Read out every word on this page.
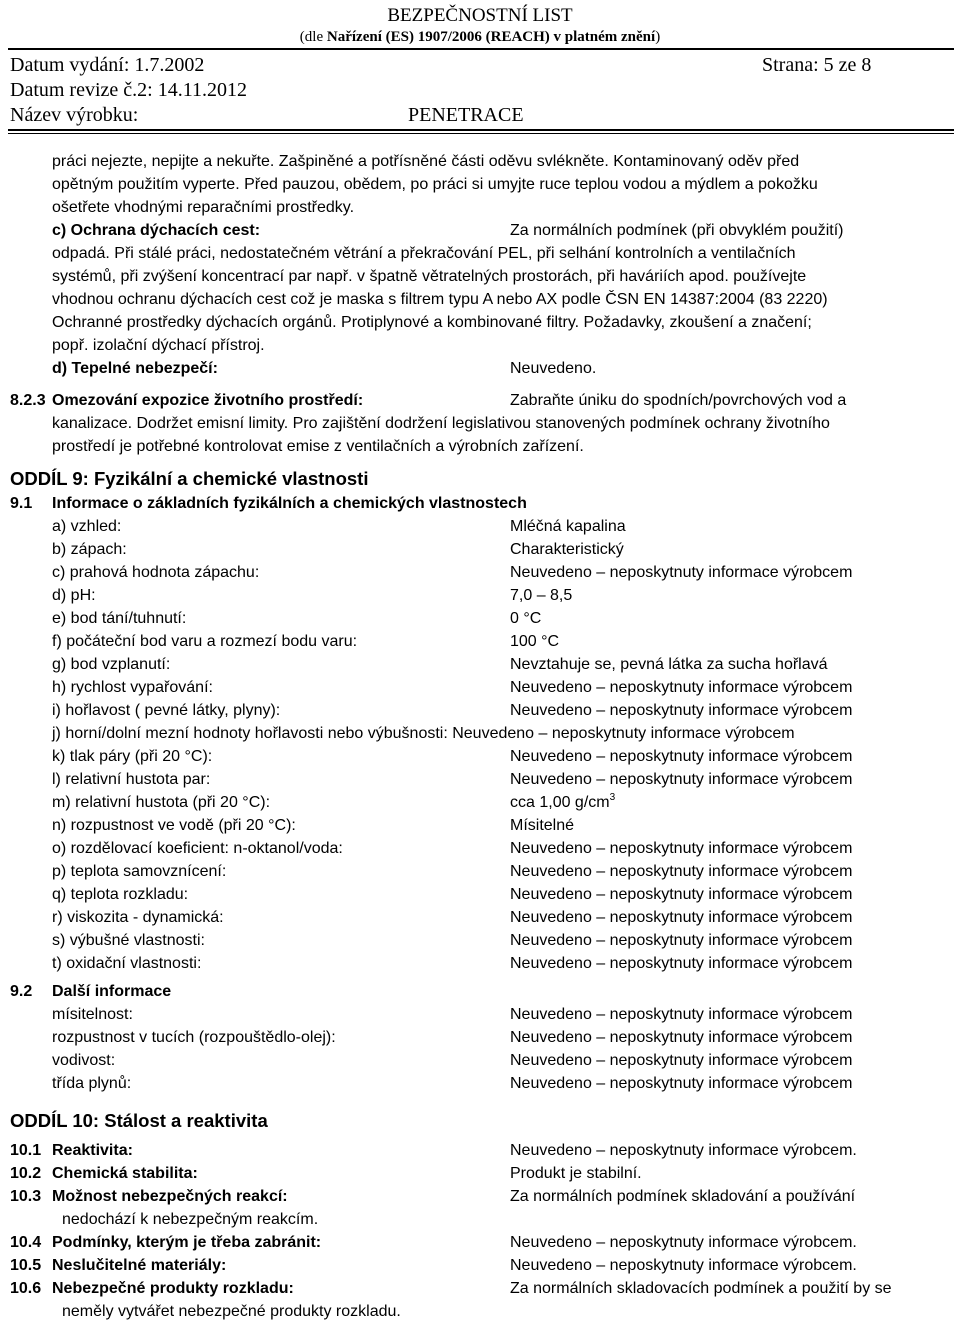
BEZPEČNOSTNÍ LIST
(dle Nařízení (ES) 1907/2006 (REACH) v platném znění)
Datum vydání: 1.7.2002	Strana: 5 ze 8
Datum revize č.2: 14.11.2012
Název výrobku:	PENETRACE
práci nejezte, nepijte a nekuřte. Zašpiněné a potřísněné části oděvu svlékněte. Kontaminovaný oděv před
opětným použitím vyperte. Před pauzou, obědem, po práci si umyjte ruce teplou vodou a mýdlem a pokožku
ošetřete vhodnými reparačními prostředky.
c) Ochrana dýchacích cest:	Za normálních podmínek (při obvyklém použití)
odpadá. Při stálé práci, nedostatečném větrání a překračování PEL, při selhání kontrolních a ventilačních
systémů, při zvýšení koncentrací par např. v špatně větratelných prostorách, při haváriích apod. používejte
vhodnou ochranu dýchacích cest což je maska s filtrem typu A nebo AX podle ČSN EN 14387:2004 (83 2220)
Ochranné prostředky dýchacích orgánů. Protiplynové a kombinované filtry. Požadavky, zkoušení a značení;
popř. izolační dýchací přístroj.
d) Tepelné nebezpečí:	Neuvedeno.
8.2.3 Omezování expozice životního prostředí:	Zabraňte úniku do spodních/povrchových vod a
kanalizace. Dodržet emisní limity. Pro zajištění dodržení legislativou stanovených podmínek ochrany životního
prostředí je potřebné kontrolovat emise z ventilačních a výrobních zařízení.
ODDÍL 9: Fyzikální a chemické vlastnosti
9.1 Informace o základních fyzikálních a chemických vlastnostech
a) vzhled:	Mléčná kapalina
b) zápach:	Charakteristický
c) prahová hodnota zápachu:	Neuvedeno – neposkytnuty informace výrobcem
d) pH:	7,0 – 8,5
e) bod tání/tuhnutí:	0 °C
f) počáteční bod varu a rozmezí bodu varu:	100 °C
g) bod vzplanutí:	Nevztahuje se, pevná látka za sucha hořlavá
h) rychlost vypařování:	Neuvedeno – neposkytnuty informace výrobcem
i) hořlavost ( pevné látky, plyny):	Neuvedeno – neposkytnuty informace výrobcem
j) horní/dolní mezní hodnoty hořlavosti nebo výbušnosti: Neuvedeno – neposkytnuty informace výrobcem
k) tlak páry (při 20 °C):	Neuvedeno – neposkytnuty informace výrobcem
l) relativní hustota par:	Neuvedeno – neposkytnuty informace výrobcem
m) relativní hustota (při 20 °C):	cca 1,00 $g/cm^3$
n) rozpustnost ve vodě (při 20 °C):	Mísitelné
o) rozdělovací koeficient: n-oktanol/voda:	Neuvedeno – neposkytnuty informace výrobcem
p) teplota samovznícení:	Neuvedeno – neposkytnuty informace výrobcem
q) teplota rozkladu:	Neuvedeno – neposkytnuty informace výrobcem
r) viskozita - dynamická:	Neuvedeno – neposkytnuty informace výrobcem
s) výbušné vlastnosti:	Neuvedeno – neposkytnuty informace výrobcem
t) oxidační vlastnosti:	Neuvedeno – neposkytnuty informace výrobcem
9.2 Další informace
mísitelnost:	Neuvedeno – neposkytnuty informace výrobcem
rozpustnost v tucích (rozpouštědlo-olej):	Neuvedeno – neposkytnuty informace výrobcem
vodivost:	Neuvedeno – neposkytnuty informace výrobcem
třída plynů:	Neuvedeno – neposkytnuty informace výrobcem
ODDÍL 10: Stálost a reaktivita
10.1 Reaktivita:	Neuvedeno – neposkytnuty informace výrobcem.
10.2 Chemická stabilita:	Produkt je stabilní.
10.3 Možnost nebezpečných reakcí:	Za normálních podmínek skladování a používání
nedochází k nebezpečným reakcím.
10.4 Podmínky, kterým je třeba zabránit:	Neuvedeno – neposkytnuty informace výrobcem.
10.5 Neslučitelné materiály:	Neuvedeno – neposkytnuty informace výrobcem.
10.6 Nebezpečné produkty rozkladu:	Za normálních skladovacích podmínek a použití by se
neměly vytvářet nebezpečné produkty rozkladu.
